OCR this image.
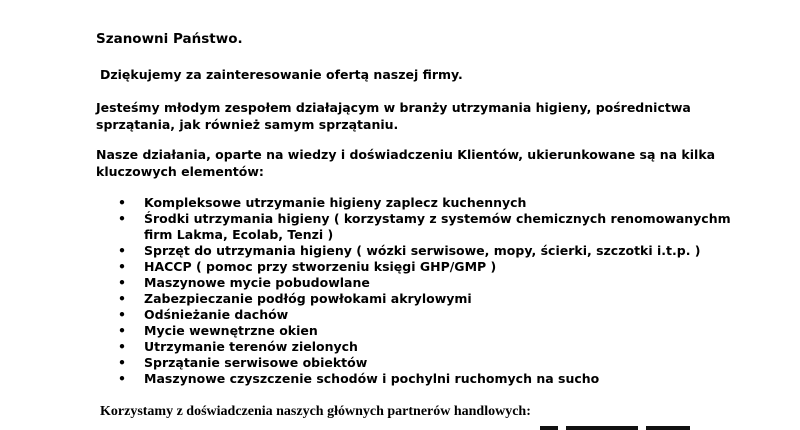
Szanowni Państwo.

Dziękujemy za zainteresowanie ofertą naszej firmy.

Jesteśmy młodym zespołem działającym w branży utrzymania higieny, pośrednictwa sprzątania, jak również samym sprzątaniu.

Nasze działania, oparte na wiedzy i doświadczeniu Klientów, ukierunkowane są na kilka kluczowych elementów:

• Kompleksowe utrzymanie higieny zaplecz kuchennych
• Środki utrzymania higieny ( korzystamy z systemów chemicznych renomowanychm firm Lakma, Ecolab, Tenzi )
• Sprzęt do utrzymania higieny ( wózki serwisowe, mopy, ścierki, szczotki i.t.p. )
• HACCP ( pomoc przy stworzeniu księgi GHP/GMP )
• Maszynowe mycie pobudowlane
• Zabezpieczanie podłóg powłokami akrylowymi
• Odśnieżanie dachów
• Mycie wewnętrzne okien
• Utrzymanie terenów zielonych
• Sprzątanie serwisowe obiektów
• Maszynowe czyszczenie schodów i pochylni ruchomych na sucho

Korzystamy z doświadczenia naszych głównych partnerów handlowych:
